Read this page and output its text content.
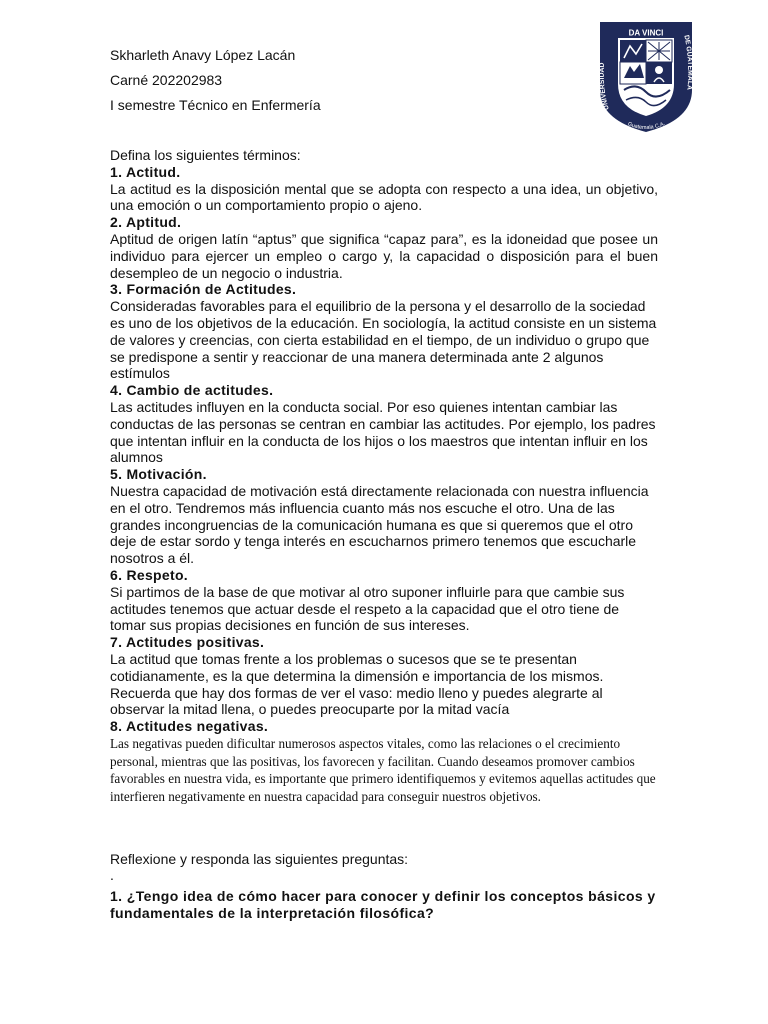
Skharleth Anavy López Lacán
Carné 202202983
I semestre Técnico en Enfermería
DA VINCI
UNIVERSIDAD
DE GUATEMALA
Guatemala C.A.

Defina los siguientes términos:

1. Actitud.

La actitud es la disposición mental que se adopta con respecto a una idea, un objetivo, una emoción o un comportamiento propio o ajeno.

2. Aptitud.

Aptitud de origen latín “aptus” que significa “capaz para”, es la idoneidad que posee un individuo para ejercer un empleo o cargo y, la capacidad o disposición para el buen desempleo de un negocio o industria.

3. Formación de Actitudes.

Consideradas favorables para el equilibrio de la persona y el desarrollo de la sociedad es uno de los objetivos de la educación. En sociología, la actitud consiste en un sistema de valores y creencias, con cierta estabilidad en el tiempo, de un individuo o grupo que se predispone a sentir y reaccionar de una manera determinada ante 2 algunos estímulos

4. Cambio de actitudes.

Las actitudes influyen en la conducta social. Por eso quienes intentan cambiar las conductas de las personas se centran en cambiar las actitudes. Por ejemplo, los padres que intentan influir en la conducta de los hijos o los maestros que intentan influir en los alumnos

5. Motivación.

Nuestra capacidad de motivación está directamente relacionada con nuestra influencia en el otro. Tendremos más influencia cuanto más nos escuche el otro. Una de las grandes incongruencias de la comunicación humana es que si queremos que el otro deje de estar sordo y tenga interés en escucharnos primero tenemos que escucharle nosotros a él.

6. Respeto.

Si partimos de la base de que motivar al otro suponer influirle para que cambie sus actitudes tenemos que actuar desde el respeto a la capacidad que el otro tiene de tomar sus propias decisiones en función de sus intereses.

7. Actitudes positivas.

La actitud que tomas frente a los problemas o sucesos que se te presentan cotidianamente, es la que determina la dimensión e importancia de los mismos. Recuerda que hay dos formas de ver el vaso: medio lleno y puedes alegrarte al observar la mitad llena, o puedes preocuparte por la mitad vacía

8. Actitudes negativas.

Las negativas pueden dificultar numerosos aspectos vitales, como las relaciones o el crecimiento personal, mientras que las positivas, los favorecen y facilitan. Cuando deseamos promover cambios favorables en nuestra vida, es importante que primero identifiquemos y evitemos aquellas actitudes que interfieren negativamente en nuestra capacidad para conseguir nuestros objetivos.

Reflexione y responda las siguientes preguntas:

.
1. ¿Tengo idea de cómo hacer para conocer y definir los conceptos básicos y
fundamentales de la interpretación filosófica?
